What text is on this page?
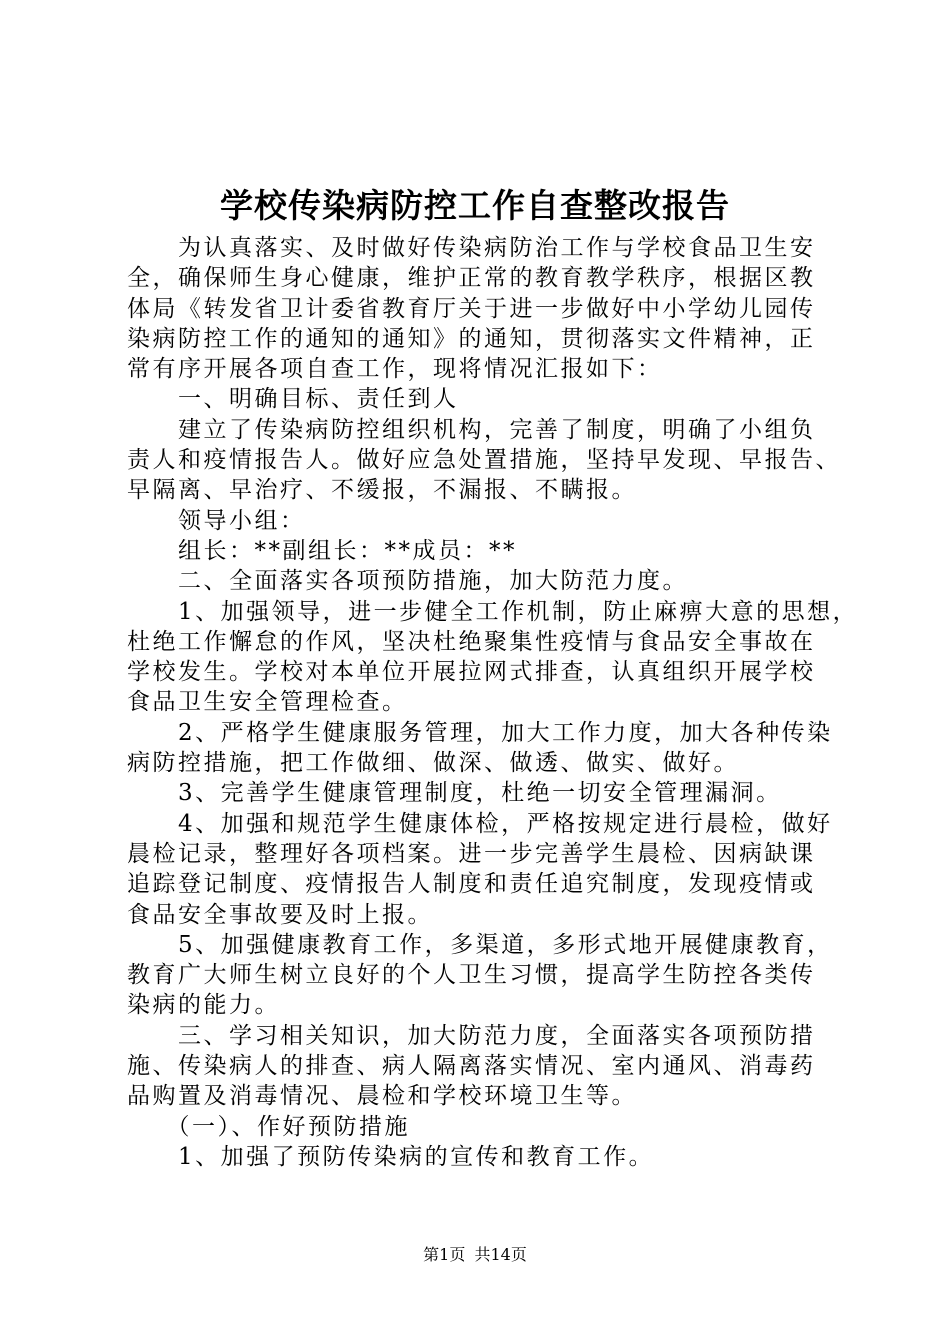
学校传染病防控工作自查整改报告
　　为认真落实、及时做好传染病防治工作与学校食品卫生安
全，确保师生身心健康，维护正常的教育教学秩序，根据区教
体局《转发省卫计委省教育厅关于进一步做好中小学幼儿园传
染病防控工作的通知的通知》的通知，贯彻落实文件精神，正
常有序开展各项自查工作，现将情况汇报如下：
　　一、明确目标、责任到人
　　建立了传染病防控组织机构，完善了制度，明确了小组负
责人和疫情报告人。做好应急处置措施，坚持早发现、早报告、
早隔离、早治疗、不缓报，不漏报、不瞒报。
　　领导小组：
　　组长：**副组长：**成员：**
　　二、全面落实各项预防措施，加大防范力度。
　　1、加强领导，进一步健全工作机制，防止麻痹大意的思想，
杜绝工作懈怠的作风，坚决杜绝聚集性疫情与食品安全事故在
学校发生。学校对本单位开展拉网式排查，认真组织开展学校
食品卫生安全管理检查。
　　2、严格学生健康服务管理，加大工作力度，加大各种传染
病防控措施，把工作做细、做深、做透、做实、做好。
　　3、完善学生健康管理制度，杜绝一切安全管理漏洞。
　　4、加强和规范学生健康体检，严格按规定进行晨检，做好
晨检记录，整理好各项档案。进一步完善学生晨检、因病缺课
追踪登记制度、疫情报告人制度和责任追究制度，发现疫情或
食品安全事故要及时上报。
　　5、加强健康教育工作，多渠道，多形式地开展健康教育，
教育广大师生树立良好的个人卫生习惯，提高学生防控各类传
染病的能力。
　　三、学习相关知识，加大防范力度，全面落实各项预防措
施、传染病人的排查、病人隔离落实情况、室内通风、消毒药
品购置及消毒情况、晨检和学校环境卫生等。
　　（一）、作好预防措施
　　1、加强了预防传染病的宣传和教育工作。
第1页 共14页
